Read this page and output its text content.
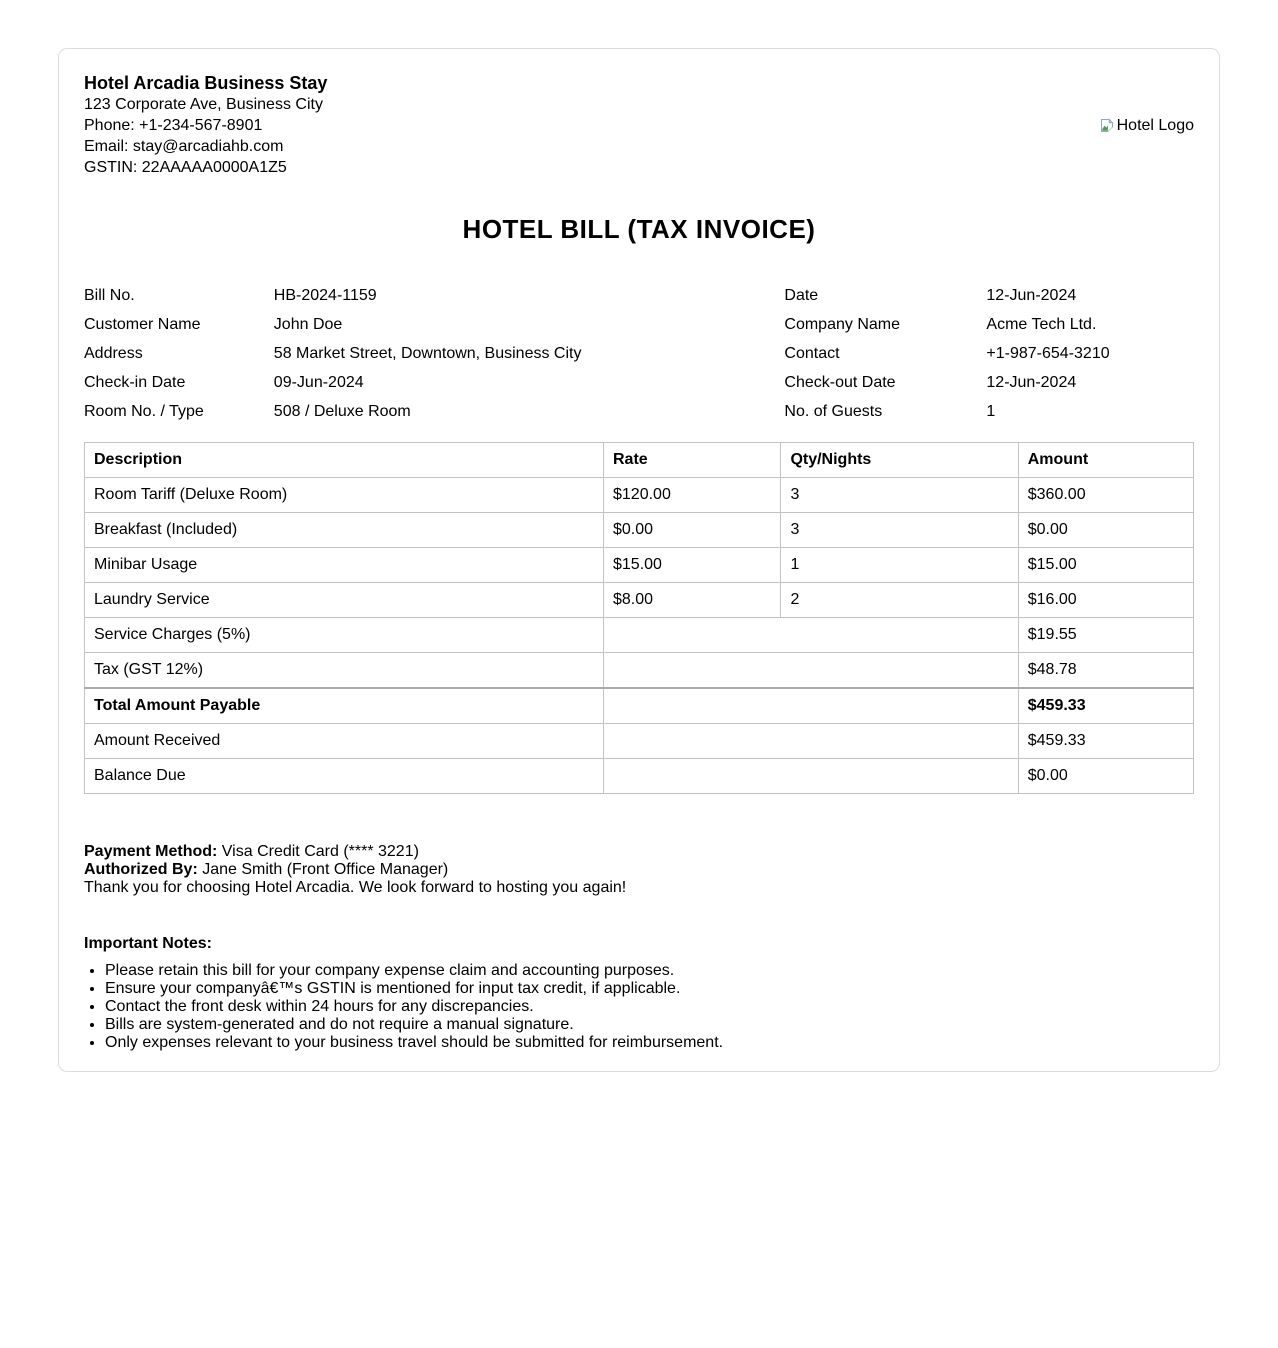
Hotel Arcadia Business Stay
123 Corporate Ave, Business City
Phone: +1-234-567-8901
Email: stay@arcadiahb.com
GSTIN: 22AAAAA0000A1Z5
Hotel Logo
HOTEL BILL (TAX INVOICE)
Bill No.	HB-2024-1159	Date	12-Jun-2024
Customer Name	John Doe	Company Name	Acme Tech Ltd.
Address	58 Market Street, Downtown, Business City	Contact	+1-987-654-3210
Check-in Date	09-Jun-2024	Check-out Date	12-Jun-2024
Room No. / Type	508 / Deluxe Room	No. of Guests	1
Description	Rate	Qty/Nights	Amount
Room Tariff (Deluxe Room)	$120.00	3	$360.00
Breakfast (Included)	$0.00	3	$0.00
Minibar Usage	$15.00	1	$15.00
Laundry Service	$8.00	2	$16.00
Service Charges (5%)			$19.55
Tax (GST 12%)			$48.78
Total Amount Payable			$459.33
Amount Received			$459.33
Balance Due			$0.00
Payment Method: Visa Credit Card (**** 3221)
Authorized By: Jane Smith (Front Office Manager)
Thank you for choosing Hotel Arcadia. We look forward to hosting you again!
Important Notes:
• Please retain this bill for your company expense claim and accounting purposes.
• Ensure your companyâ€™s GSTIN is mentioned for input tax credit, if applicable.
• Contact the front desk within 24 hours for any discrepancies.
• Bills are system-generated and do not require a manual signature.
• Only expenses relevant to your business travel should be submitted for reimbursement.
